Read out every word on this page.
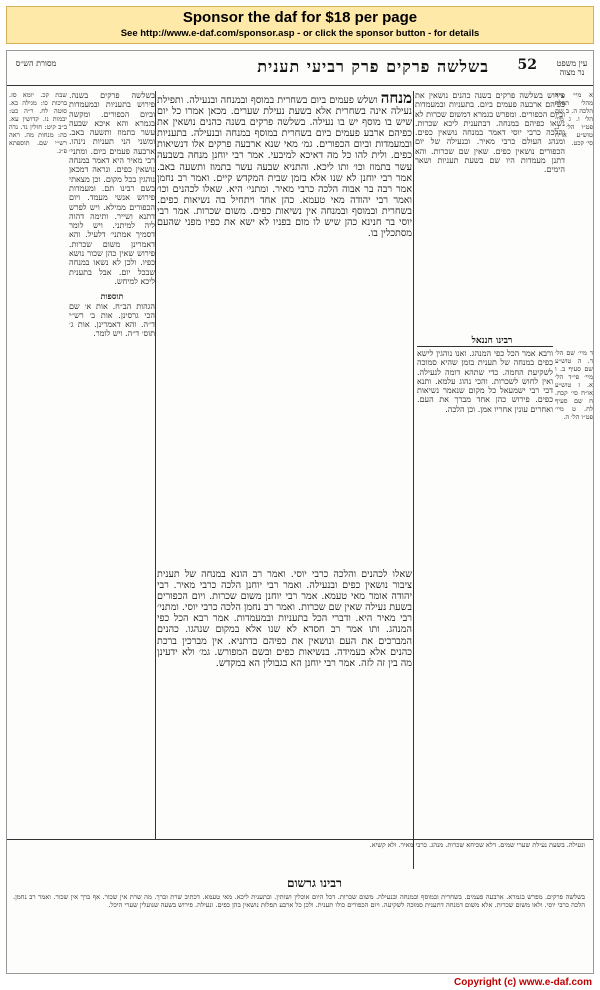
Sponsor the daf for $18 per page
See http://www.e-daf.com/sponsor.asp - or click the sponsor button - for details
עין משפט נר מצוה
52
בשלשה פרקים פרק רביעי תענית
מסורת הש״ס

מנחה ושלש פעמים ביום בשחרית במוסף ובמנחה ובנעילה. ותפילת נעילה אינה בשחרית אלא בשעת נעילת שערים. מכאן אמרו כל יום שיש בו מוסף יש בו נעילה. בשלשה פרקים בשנה כהנים נושאין את כפיהם ארבע פעמים ביום בשחרית במוסף במנחה ובנעילה. בתעניות ובמעמדות וביום הכפורים. גמ׳ מאי שנא ארבעה פרקים אלו דנשיאות כפים. ולית להו כל מה דאיכא למיבעי. אמר רבי יוחנן מנחה בשבעה עשר בתמוז וכו׳ ותו ליכא. והתניא שבעה עשר בתמוז ותשעה באב. אמר רבי יוחנן לא שנו אלא בזמן שבית המקדש קיים. ואמר רב נחמן אמר רבה בר אבוה הלכה כרבי מאיר. ומתני׳ היא. שאלו לכהנים וכו׳ ואמר רבי יהודה מאי טעמא. כהן אחד ויתחיל בה נשיאות כפים. בשחרית ובמוסף ובמנחה אין נשיאות כפים. משום שכרות. אמר רבי יוסי בר חנינא כהן שיש לו מום בפניו לא ישא את כפיו מפני שהעם מסתכלין בו.

שאלו לכהנים והלכה כרבי יוסי. ואמר רב הונא במנחה של תענית ציבור נושאין כפים ובנעילה. ואמר רבי יוחנן הלכה כרבי מאיר. רבי יהודה אומר מאי טעמא. אמר רבי יוחנן משום שכרות. ויום הכפורים בשעת נעילה שאין שם שכרות. ואמר רב נחמן הלכה כרבי יוסי. ומתני׳ רבי מאיר היא. ודברי הכל בתעניות ובמעמדות. אמר רבא הכל כפי המנהג. ותו אמר רב חסדא לא שנו אלא במקום שנהגו. כהנים המברכים את העם ונושאין את כפיהם כדתניא. אין מברכין ברכת כהנים אלא בעמידה. בנשיאות כפים ובשם המפורש. גמ׳ ולא ידעינן מה בין זה לזה. אמר רבי יוחנן הא בגבולין הא במקדש.

פירוש בשלשה פרקים בשנה כהנים נושאין את כפיהם ארבעה פעמים ביום. בתעניות ובמעמדות וביום הכפורים. ומפרש בגמרא דמשום שכרות לא נשאו כפיהם במנחה. דבתענית ליכא שכרות. והלכה כרבי יוסי דאמר במנחה נושאין כפים. ומנהג העולם כרבי מאיר. ובנעילה של יום הכפורים נושאין כפים. שאין שם שכרות. והא דתנן מעמדות היו שם בשעת תעניות ושאר הימים.

רבינו חננאל

ורבא אמר הכל כפי המנהג. ואנו נוהגין לישא כפים במנחה של תענית בזמן שהיא סמוכה לשקיעת החמה. כדי שתהא דומה לנעילה. ואין לחוש לשכרות. והכי נהוג עלמא. ותנא דבי רבי ישמעאל כל מקום שנאמר נשיאות כפים. פירוש כהן אחד מברך את העם. ואחרים עונין אחריו אמן. וכן הלכה.

בשלשה פרקים בשנה. פירוש בתעניות ובמעמדות וביום הכפורים. ומקשה בגמרא והא איכא שבעה עשר בתמוז ותשעה באב. ומשני הני תעניות נינהו. ארבעה פעמים ביום. ומתני׳ רבי מאיר היא דאמר במנחה נושאין כפים. ונראה דמכאן נוהגין בכל מקום. וכן מצאתי בשם רבינו תם. ומעמדות פירוש אנשי מעמד. ויום הכפורים ממילא. ויש לפרש דתנא ושייר. ותימה דהוה ליה למיתני. ויש לומר דסמיך אמתני׳ דלעיל. והא דאמרינן משום שכרות. פירוש שאין כהן שכור נושא כפיו. ולכן לא נשאו במנחה שבכל יום. אבל בתענית ליכא למיחש.

תוספות

הגהות הב״ח. אות א׳ שם הכי גרסינן. אות ב׳ רש״י ד״ה. והא דאמרינן. אות ג׳ תוס׳ ד״ה. ויש לומר.

שבת קכ. יומא סז. ברכות כו: מגילה כא. סוטה לח. ר״ה כט: יבמות נו. קדושין עא. ב״ב קיט: חולין נד. נדה כה: מנחות מה. ראה רש״י שם. תוספתא פ״ג.

א מיי׳ פ״א מהל׳ תפלה הלכה ה. ב שם הל׳ ו. ג מיי׳ פט״ו הל׳ ג. טוש״ע או״ח סי׳ קכט.

ד מיי׳ שם הל׳ ד. ה טוש״ע שם סעיף ב. ו מיי׳ פי״ד הל׳ א. ז טוש״ע או״ח סי׳ קכח. ח שם סעיף לח. ט מיי׳ פט״ו הל׳ ה.

ונעילה. בשעת נעילת שערי שמים. דלא שכיחא שכרות. מנהג. כרבי מאיר. ולא קשיא.

רבינו גרשום

בשלשה פרקים. מפרש בגמרא. ארבעה פעמים. בשחרית ובמוסף ובמנחה ובנעילה. משום שכרות. דכל היום אוכלין ושותין. ובתענית ליכא. מאי טעמא. דכתיב שרת וברך. מה שרת אין שכור. אף ברך אין שכור. ואמר רב נחמן. הלכה כרבי יוסי. ולאו משום שכרות. אלא משום דמנחה דתענית סמוכה לשקיעה. ויום הכפורים כולו תענית. ולכן כל ארבע תפלות נושאין בהן כפים. ונעילה. פירוש בשעה שנועלין שערי היכל.

Copyright (c) www.e-daf.com
